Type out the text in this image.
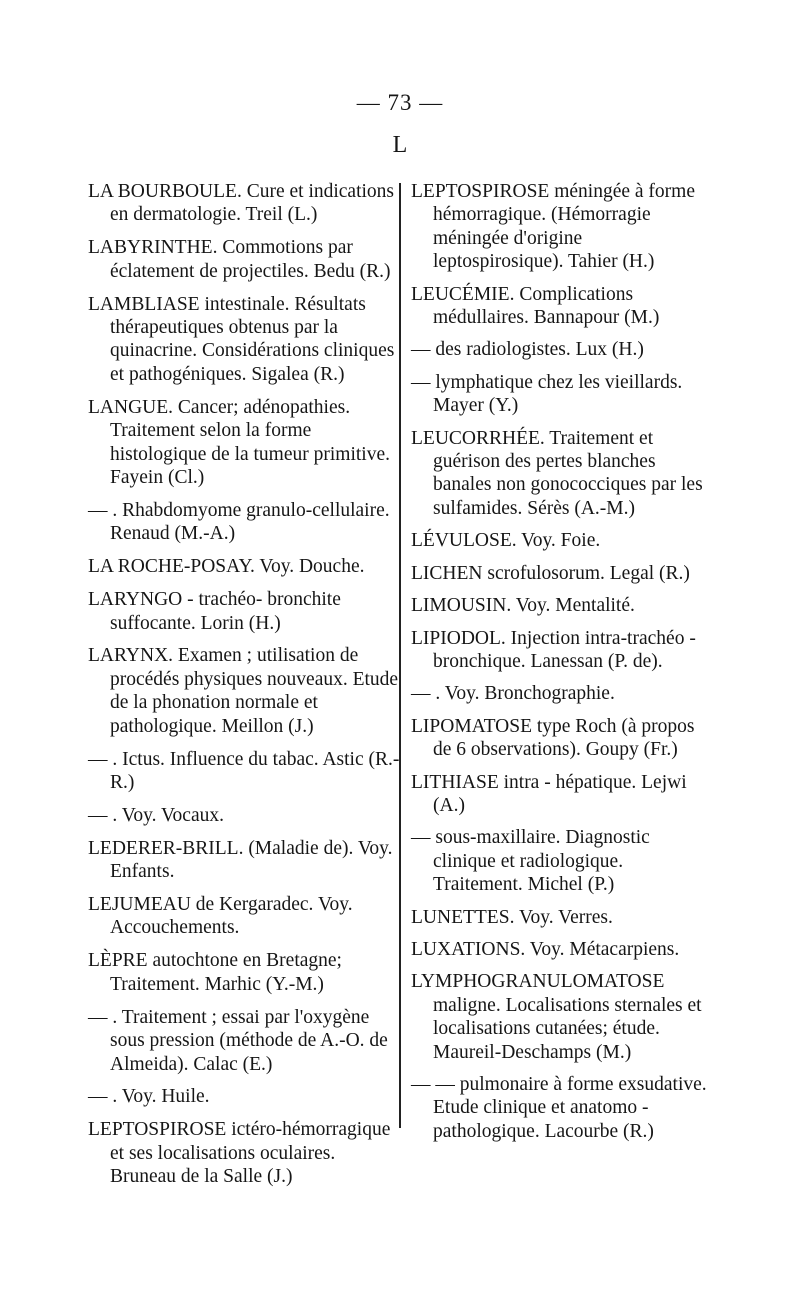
— 73 —
L
LA BOURBOULE. Cure et indications en dermatologie. Treil (L.)
LABYRINTHE. Commotions par éclatement de projectiles. Bedu (R.)
LAMBLIASE intestinale. Résultats thérapeutiques obtenus par la quinacrine. Considérations cliniques et pathogéniques. Sigalea (R.)
LANGUE. Cancer; adénopathies. Traitement selon la forme histologique de la tumeur primitive. Fayein (Cl.)
— . Rhabdomyome granulo-cellulaire. Renaud (M.-A.)
LA ROCHE-POSAY. Voy. Douche.
LARYNGO - trachéo- bronchite suffocante. Lorin (H.)
LARYNX. Examen ; utilisation de procédés physiques nouveaux. Etude de la phonation normale et pathologique. Meillon (J.)
— . Ictus. Influence du tabac. Astic (R.-R.)
— . Voy. Vocaux.
LEDERER-BRILL. (Maladie de). Voy. Enfants.
LEJUMEAU de Kergaradec. Voy. Accouchements.
LÈPRE autochtone en Bretagne; Traitement. Marhic (Y.-M.)
— . Traitement ; essai par l'oxygène sous pression (méthode de A.-O. de Almeida). Calac (E.)
— . Voy. Huile.
LEPTOSPIROSE ictéro-hémorragique et ses localisations oculaires. Bruneau de la Salle (J.)
LEPTOSPIROSE méningée à forme hémorragique. (Hémorragie méningée d'origine leptospirosique). Tahier (H.)
LEUCÉMIE. Complications médullaires. Bannapour (M.)
— des radiologistes. Lux (H.)
— lymphatique chez les vieillards. Mayer (Y.)
LEUCORRHÉE. Traitement et guérison des pertes blanches banales non gonococciques par les sulfamides. Sérès (A.-M.)
LÉVULOSE. Voy. Foie.
LICHEN scrofulosorum. Legal (R.)
LIMOUSIN. Voy. Mentalité.
LIPIODOL. Injection intra-trachéo - bronchique. Lanessan (P. de).
— . Voy. Bronchographie.
LIPOMATOSE type Roch (à propos de 6 observations). Goupy (Fr.)
LITHIASE intra - hépatique. Lejwi (A.)
— sous-maxillaire. Diagnostic clinique et radiologique. Traitement. Michel (P.)
LUNETTES. Voy. Verres.
LUXATIONS. Voy. Métacarpiens.
LYMPHOGRANULOMATOSE maligne. Localisations sternales et localisations cutanées; étude. Maureil-Deschamps (M.)
— — pulmonaire à forme exsudative. Etude clinique et anatomo - pathologique. Lacourbe (R.)
